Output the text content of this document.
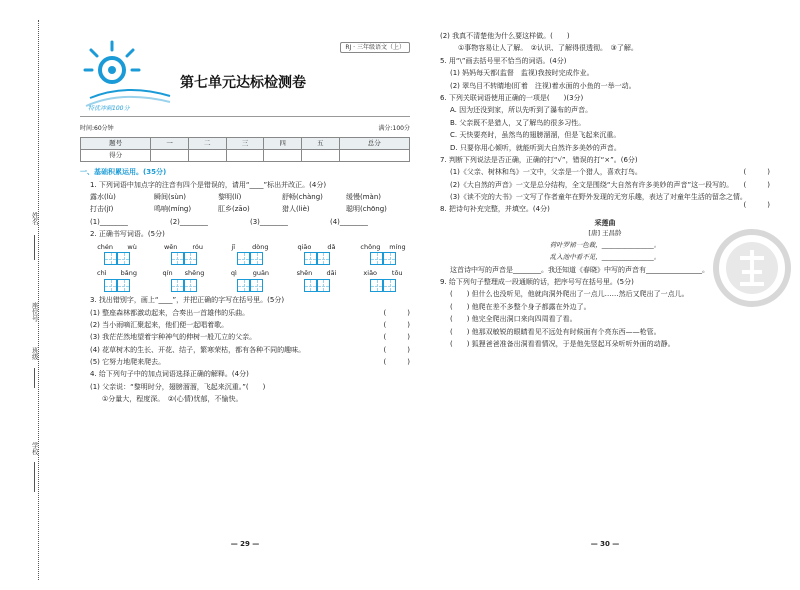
姓名
座位号
班级
学校
RJ · 三年级语文（上）
第七单元达标检测卷
特优冲刺100分
时间:60分钟	满分:100分
题号	一	二	三	四	五	总分
得分						
一、基础积累运用。(35分)
1. 下列词语中加点字的注音有四个是错误的，请用“____”标出并改正。(4分)
露水(lù)	瞬间(sùn)	黎明(lí)	舒畅(chàng)	缓慢(màn)
打击(jī)	鸣响(míng)	肛乡(zāo)	猎人(liè)	聪明(chōng)
(1)________	(2)________	(3)________	(4)________
2. 正确书写词语。(5分)
chén wù	wēn róu	jī	dòng	qiāo dǎ	chōng míng
chì bǎng	qín shēng	qì guān	shēn dāi	xiǎo tōu
3. 找出错别字，画上“____”，并把正确的字写在括号里。(5分)
(1) 整座森林都激动起来，合奏出一首雄伟的乐曲。	(　　　)
(2) 当小雨嘀汇聚起来，他们便一起唱着歌。	(　　　)
(3) 我茫茫然地望着宇种神气的伸树一般兀立的父亲。	(　　　)
(4) 花草树木的生长、开花、结子，繁寒荣枯，都有各种不同的趣味。	(　　　)
(5) 它努力地爬来爬去。	(　　　)
4. 给下列句子中的加点词语选择正确的解释。(4分)
(1) 父亲说：“黎明时分，翅膀溜溜，飞起来沉重。”(　　)
①分量大，程度深。　②(心情)忧郁，不愉快。
— 29 —
(2) 我真不清楚他为什么要这样做。(　　)
①事物容易让人了解。　②认识、了解得很透彻。　③了解。
5. 用“\”画去括号里不恰当的词语。(4分)
(1) 妈妈每天都(监督　监视)我按时完成作业。
(2) 翠鸟目不转睛地(盯着　注视)着水面的小鱼的一举一动。
6. 下列关联词语使用正确的一项是(　　)(3分)
A. 因为还没到家，所以先听到了瀑布的声音。
B. 父亲既不是猎人，又了解鸟的很多习性。
C. 天快要亮时，虽然鸟的翅膀溜溜，但是飞起来沉重。
D. 只要你用心倾听，就能听到大自然许多美妙的声音。
7. 判断下列说法是否正确，正确的打“√”，错误的打“×”。(6分)
(1)《父亲、树林和鸟》一文中，父亲是一个猎人，喜欢打鸟。	(　　　)
(2)《大自然的声音》一文是总分结构，全文是围绕“大自然有许多美妙的声音”这一段写的。 (　　　)
(3)《读不完的大书》一文写了作者童年在野外发现的无穷乐趣，表达了对童年生活的留念之情。
(　　　)
8. 把诗句补充完整，并填空。(4分)
采莲曲
[唐] 王昌龄
荷叶罗裙一色裁，________________。
乱入池中看不见，________________。
这首诗中写的声音是________。我还知道《春晓》中写的声音有________________。
9. 给下列句子整理成一段通顺的话，把序号写在括号里。(5分)
(　　) 但什么也没听见，他就向洞外爬出了一点儿……然后又爬出了一点儿。
(　　) 他爬在差不多整个身子都露在外边了。
(　　) 他完全爬出洞口来向四周看了看。
(　　) 他那双敏锐的眼睛看见不远处有时候面有个亮东西——枪管。
(　　) 狐狸爸爸准备出洞看看情况，于是他先竖起耳朵听听外面的动静。
— 30 —
